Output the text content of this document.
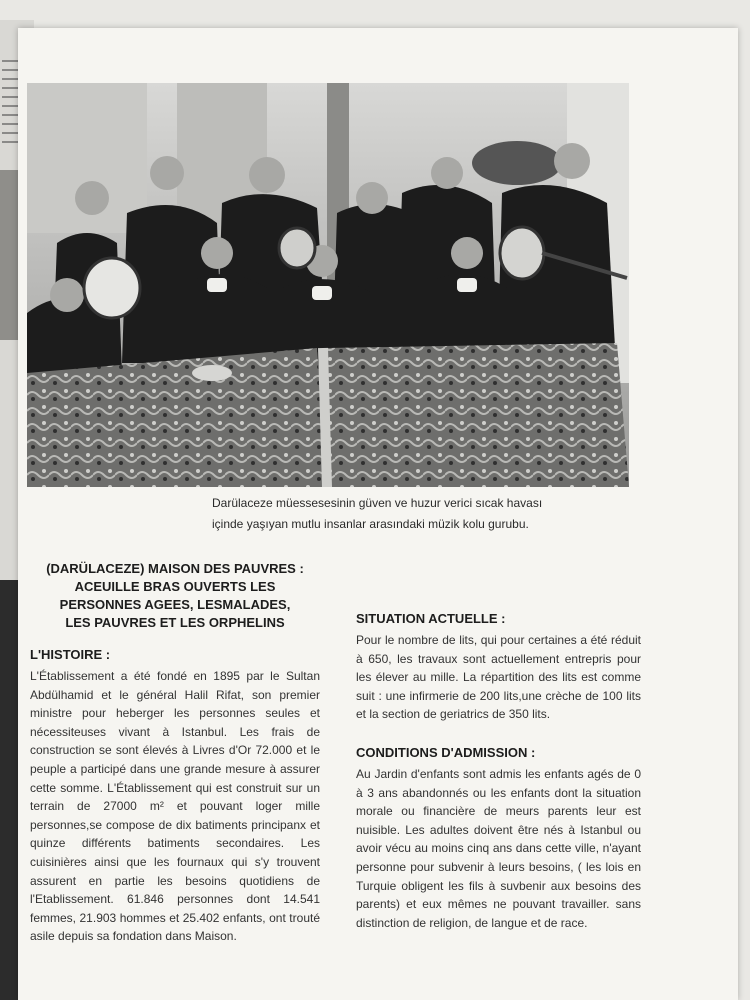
Darülaceze müessesesinin güven ve huzur verici sıcak havası
içinde yaşıyan mutlu insanlar arasındaki müzik kolu gurubu.
(DARÜLACEZE) MAISON DES PAUVRES :
ACEUILLE BRAS OUVERTS LES
PERSONNES AGEES, LESMALADES,
LES PAUVRES ET LES ORPHELINS
L'HISTOIRE :
L'Établissement a été fondé en 1895 par le Sultan Abdülhamid et le général Halil Rifat, son premier ministre pour heberger les personnes seules et nécessiteuses vivant à Istanbul. Les frais de construction se sont élevés à Livres d'Or 72.000 et le peuple a participé dans une grande mesure à assurer cette somme. L'Établissement qui est construit sur un terrain de 27000 m² et pouvant loger mille personnes,se compose de dix batiments principanx et quinze différents batiments secondaires. Les cuisinières ainsi que les fournaux qui s'y trouvent assurent en partie les besoins quotidiens de l'Etablissement. 61.846 personnes dont 14.541 femmes, 21.903 hommes et 25.402 enfants, ont trouté asile depuis sa fondation dans Maison.
SITUATION ACTUELLE :
Pour le nombre de lits, qui pour certaines a été réduit à 650, les travaux sont actuellement entrepris pour les élever au mille. La répartition des lits est comme suit : une infirmerie de 200 lits,une crèche de 100 lits et la section de geriatrics de 350 lits.
CONDITIONS D'ADMISSION :
Au Jardin d'enfants sont admis les enfants agés de 0 à 3 ans abandonnés ou les enfants dont la situation morale ou financière de meurs parents leur est nuisible. Les adultes doivent être nés à Istanbul ou avoir vécu au moins cinq ans dans cette ville, n'ayant personne pour subvenir à leurs besoins, ( les lois en Turquie obligent les fils à suvbenir aux besoins des parents) et eux mêmes ne pouvant travailler. sans distinction de religion, de langue et de race.
